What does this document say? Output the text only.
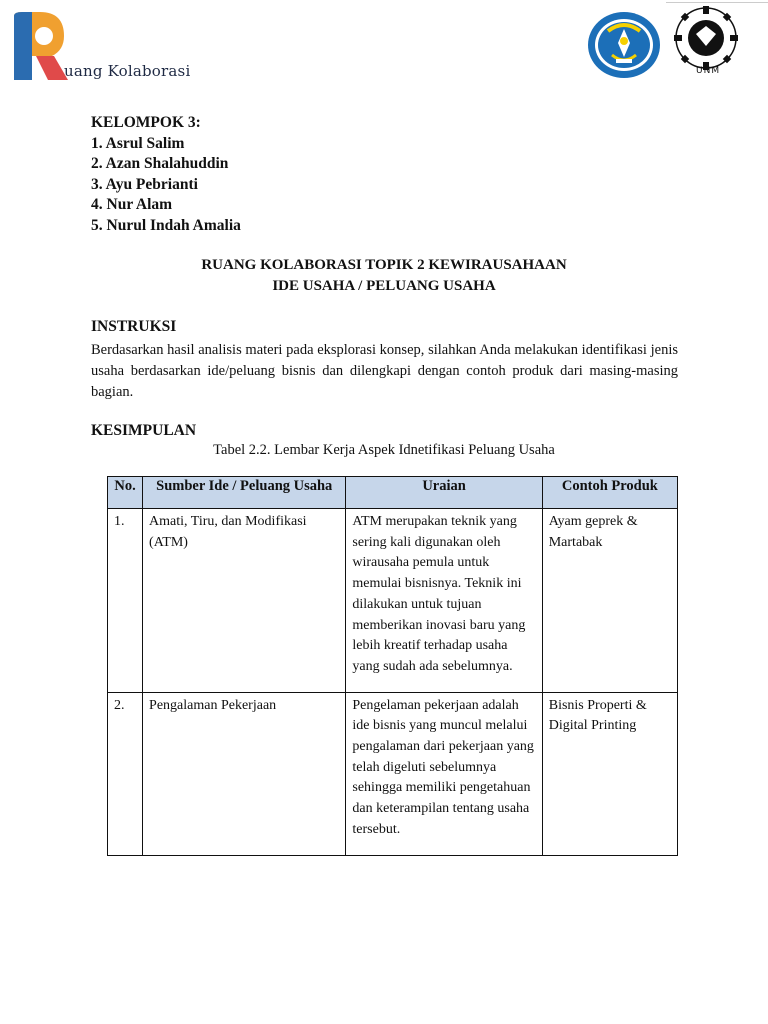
uang Kolaborasi	UNM
KELOMPOK 3:
1. Asrul Salim
2. Azan Shalahuddin
3. Ayu Pebrianti
4. Nur Alam
5. Nurul Indah Amalia
RUANG KOLABORASI TOPIK 2 KEWIRAUSAHAAN
IDE USAHA / PELUANG USAHA
INSTRUKSI
Berdasarkan hasil analisis materi pada eksplorasi konsep, silahkan Anda melakukan identifikasi jenis usaha berdasarkan ide/peluang bisnis dan dilengkapi dengan contoh produk dari masing-masing bagian.
KESIMPULAN
Tabel 2.2. Lembar Kerja Aspek Idnetifikasi Peluang Usaha
No.	Sumber Ide / Peluang Usaha	Uraian	Contoh Produk
1.	Amati, Tiru, dan Modifikasi (ATM)	ATM merupakan teknik yang sering kali digunakan oleh wirausaha pemula untuk memulai bisnisnya. Teknik ini dilakukan untuk tujuan memberikan inovasi baru yang lebih kreatif terhadap usaha yang sudah ada sebelumnya.	Ayam geprek & Martabak
2.	Pengalaman Pekerjaan	Pengelaman pekerjaan adalah ide bisnis yang muncul melalui pengalaman dari pekerjaan yang telah digeluti sebelumnya sehingga memiliki pengetahuan dan keterampilan tentang usaha tersebut.	Bisnis Properti & Digital Printing
